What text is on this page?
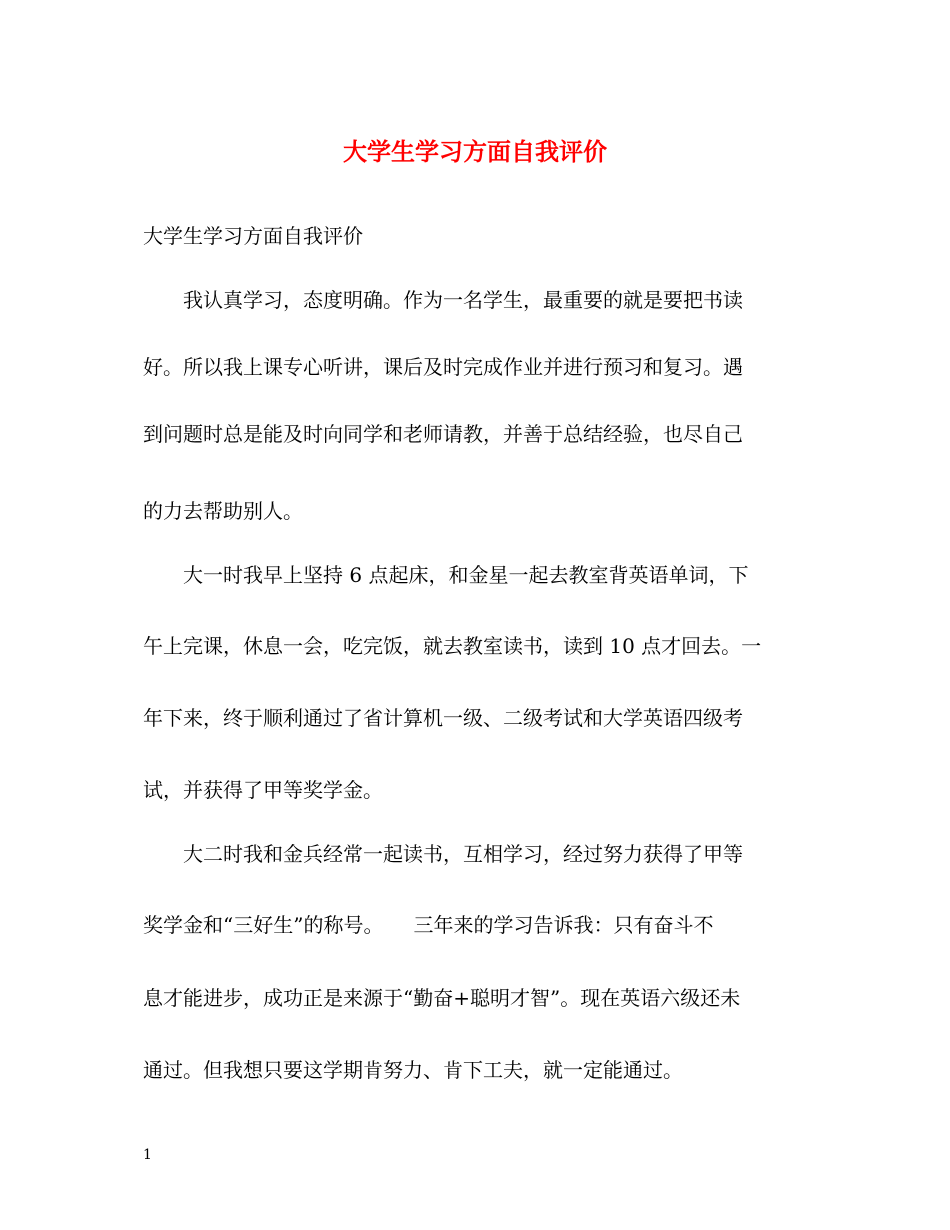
大学生学习方面自我评价

大学生学习方面自我评价

　　我认真学习，态度明确。作为一名学生，最重要的就是要把书读

好。所以我上课专心听讲，课后及时完成作业并进行预习和复习。遇

到问题时总是能及时向同学和老师请教，并善于总结经验，也尽自己

的力去帮助别人。

　　大一时我早上坚持 6 点起床，和金星一起去教室背英语单词，下

午上完课，休息一会，吃完饭，就去教室读书，读到 10 点才回去。一

年下来，终于顺利通过了省计算机一级、二级考试和大学英语四级考

试，并获得了甲等奖学金。

　　大二时我和金兵经常一起读书，互相学习，经过努力获得了甲等

奖学金和“三好生”的称号。　　三年来的学习告诉我：只有奋斗不

息才能进步，成功正是来源于“勤奋+聪明才智”。现在英语六级还未

通过。但我想只要这学期肯努力、肯下工夫，就一定能通过。

1
